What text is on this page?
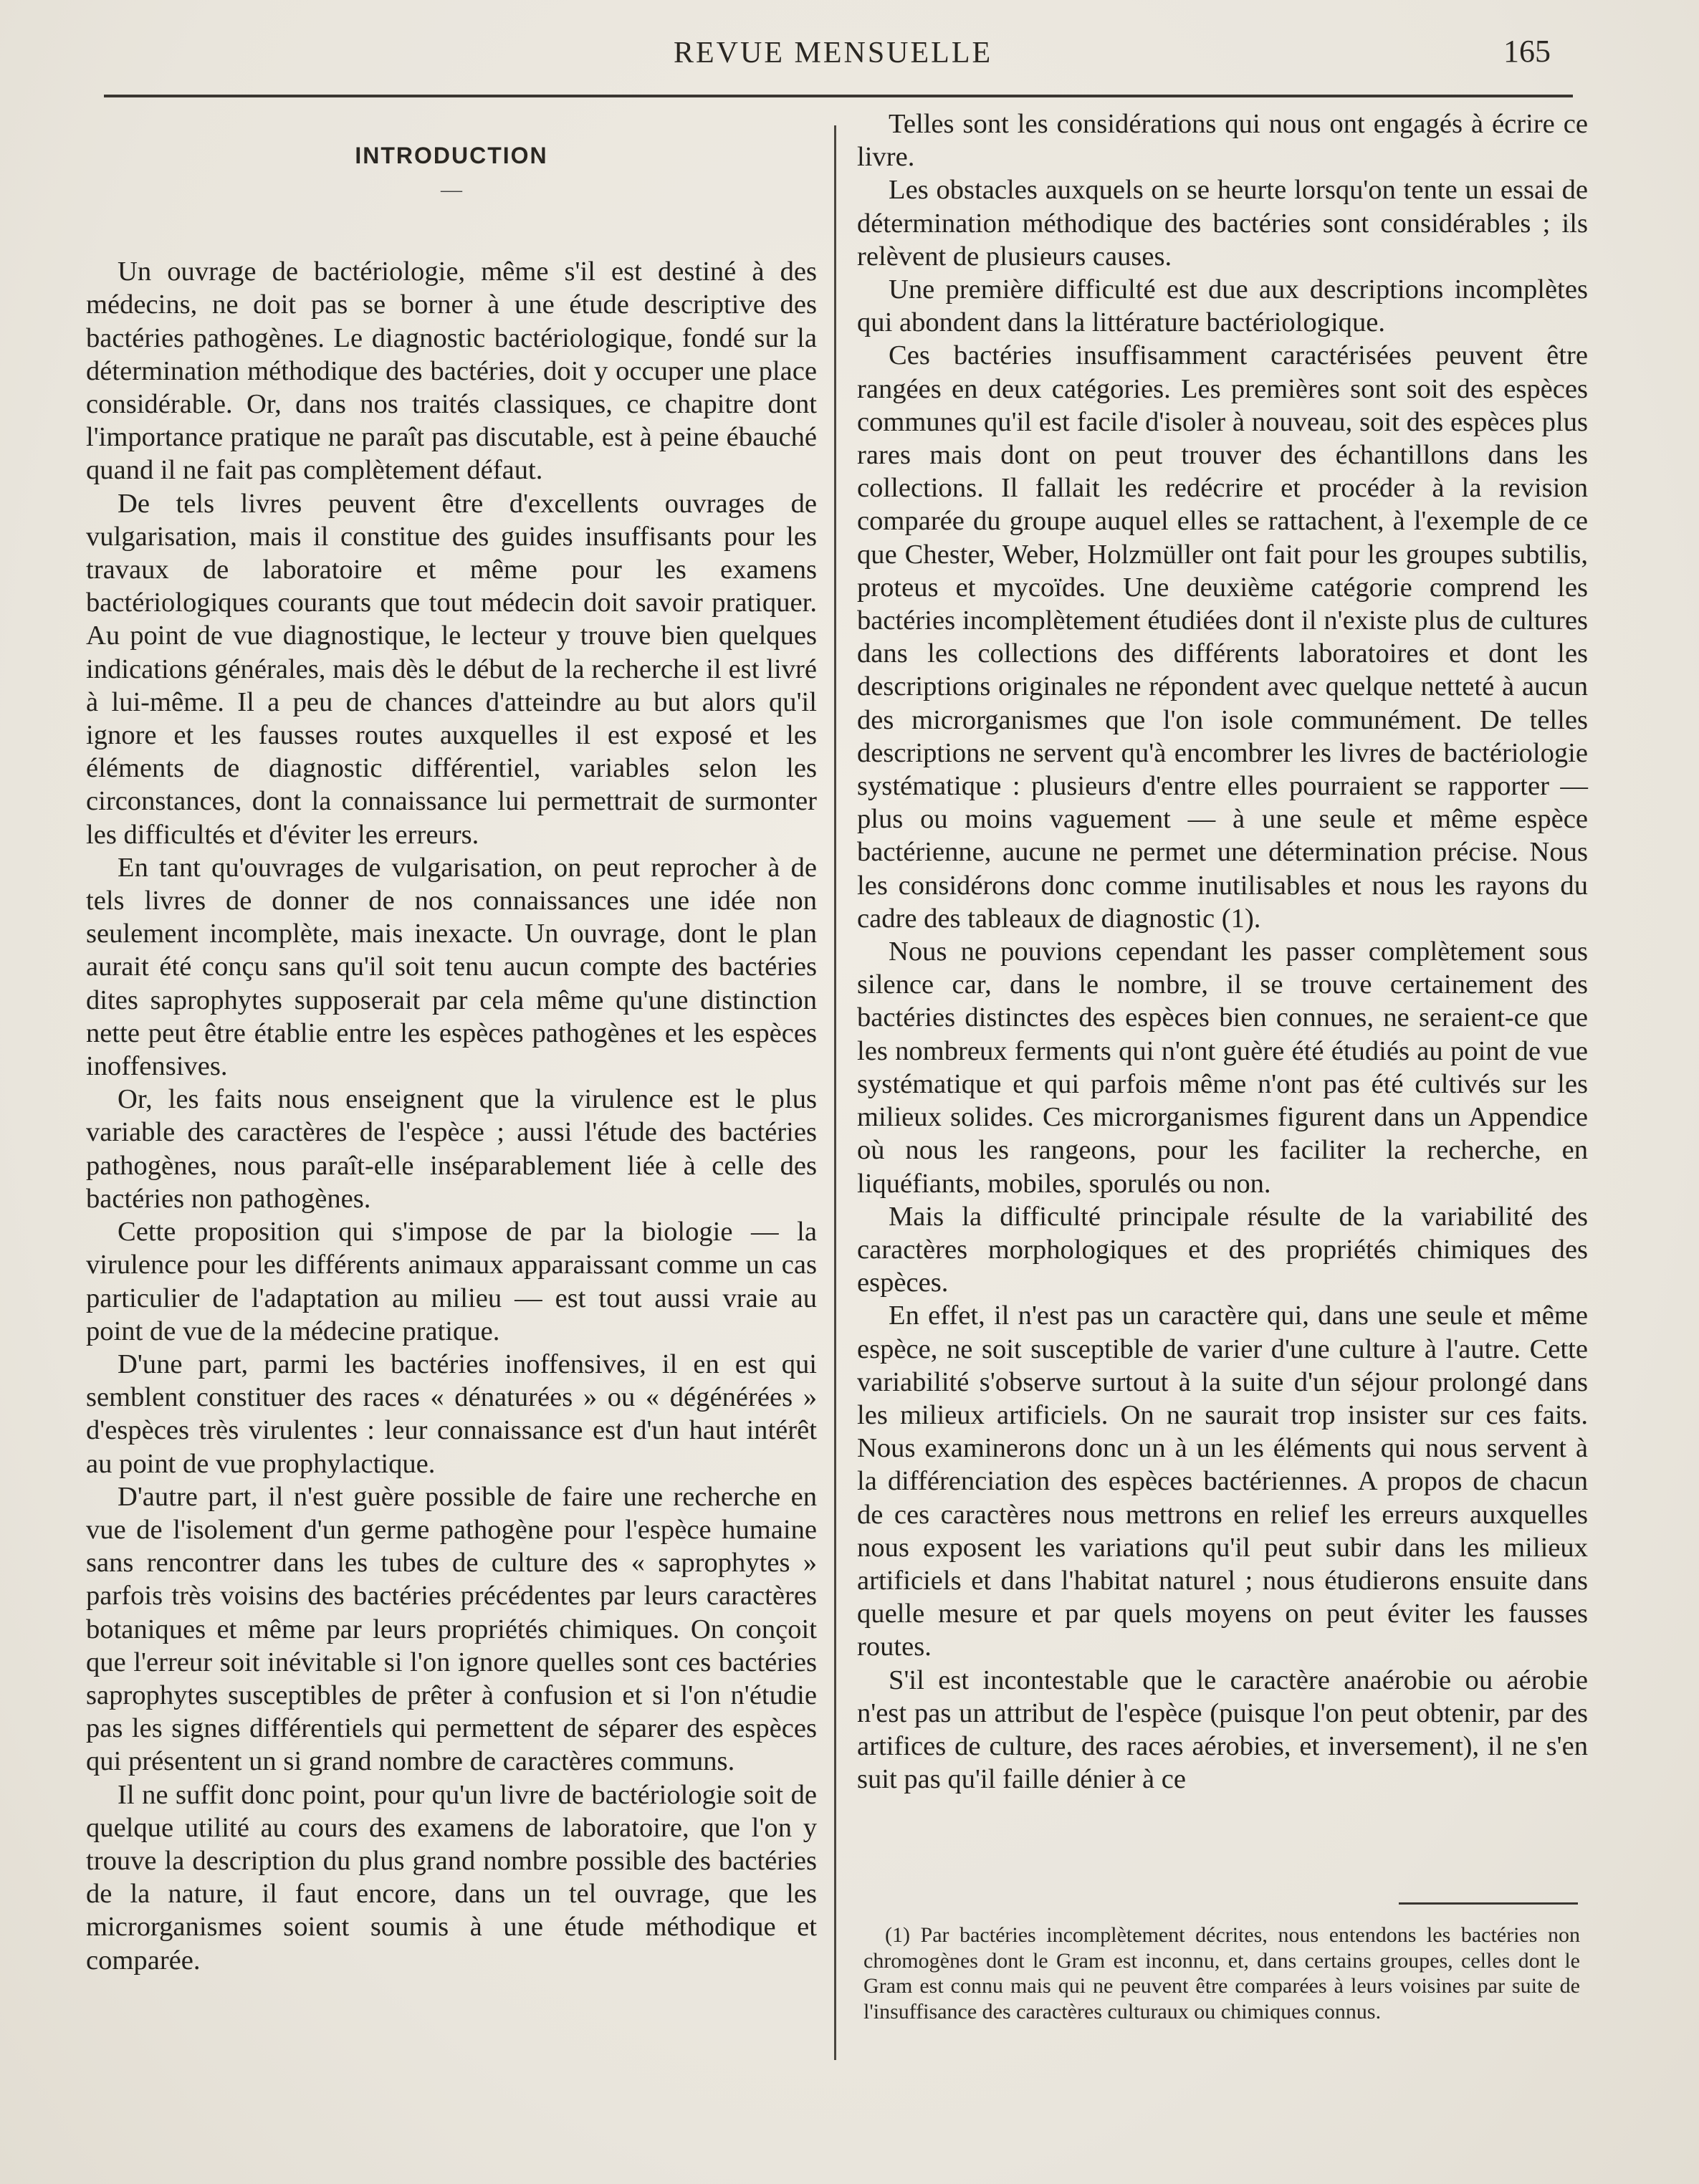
REVUE MENSUELLE	165
INTRODUCTION
—

Un ouvrage de bactériologie, même s'il est destiné à des médecins, ne doit pas se borner à une étude descriptive des bactéries pathogènes. Le diagnostic bactériologique, fondé sur la détermination méthodique des bactéries, doit y occuper une place considérable. Or, dans nos traités classiques, ce chapitre dont l'importance pratique ne paraît pas discutable, est à peine ébauché quand il ne fait pas complètement défaut.

De tels livres peuvent être d'excellents ouvrages de vulgarisation, mais il constitue des guides insuffisants pour les travaux de laboratoire et même pour les examens bactériologiques courants que tout médecin doit savoir pratiquer. Au point de vue diagnostique, le lecteur y trouve bien quelques indications générales, mais dès le début de la recherche il est livré à lui-même. Il a peu de chances d'atteindre au but alors qu'il ignore et les fausses routes auxquelles il est exposé et les éléments de diagnostic différentiel, variables selon les circonstances, dont la connaissance lui permettrait de surmonter les difficultés et d'éviter les erreurs.

En tant qu'ouvrages de vulgarisation, on peut reprocher à de tels livres de donner de nos connaissances une idée non seulement incomplète, mais inexacte. Un ouvrage, dont le plan aurait été conçu sans qu'il soit tenu aucun compte des bactéries dites saprophytes supposerait par cela même qu'une distinction nette peut être établie entre les espèces pathogènes et les espèces inoffensives.

Or, les faits nous enseignent que la virulence est le plus variable des caractères de l'espèce ; aussi l'étude des bactéries pathogènes, nous paraît-elle inséparablement liée à celle des bactéries non pathogènes.

Cette proposition qui s'impose de par la biologie — la virulence pour les différents animaux apparaissant comme un cas particulier de l'adaptation au milieu — est tout aussi vraie au point de vue de la médecine pratique.

D'une part, parmi les bactéries inoffensives, il en est qui semblent constituer des races « dénaturées » ou « dégénérées » d'espèces très virulentes : leur connaissance est d'un haut intérêt au point de vue prophylactique.

D'autre part, il n'est guère possible de faire une recherche en vue de l'isolement d'un germe pathogène pour l'espèce humaine sans rencontrer dans les tubes de culture des « saprophytes » parfois très voisins des bactéries précédentes par leurs caractères botaniques et même par leurs propriétés chimiques. On conçoit que l'erreur soit inévitable si l'on ignore quelles sont ces bactéries saprophytes susceptibles de prêter à confusion et si l'on n'étudie pas les signes différentiels qui permettent de séparer des espèces qui présentent un si grand nombre de caractères communs.

Il ne suffit donc point, pour qu'un livre de bactériologie soit de quelque utilité au cours des examens de laboratoire, que l'on y trouve la description du plus grand nombre possible des bactéries de la nature, il faut encore, dans un tel ouvrage, que les microrganismes soient soumis à une étude méthodique et comparée.

Telles sont les considérations qui nous ont engagés à écrire ce livre.

Les obstacles auxquels on se heurte lorsqu'on tente un essai de détermination méthodique des bactéries sont considérables ; ils relèvent de plusieurs causes.

Une première difficulté est due aux descriptions incomplètes qui abondent dans la littérature bactériologique.

Ces bactéries insuffisamment caractérisées peuvent être rangées en deux catégories. Les premières sont soit des espèces communes qu'il est facile d'isoler à nouveau, soit des espèces plus rares mais dont on peut trouver des échantillons dans les collections. Il fallait les redécrire et procéder à la revision comparée du groupe auquel elles se rattachent, à l'exemple de ce que Chester, Weber, Holzmüller ont fait pour les groupes subtilis, proteus et mycoïdes. Une deuxième catégorie comprend les bactéries incomplètement étudiées dont il n'existe plus de cultures dans les collections des différents laboratoires et dont les descriptions originales ne répondent avec quelque netteté à aucun des microrganismes que l'on isole communément. De telles descriptions ne servent qu'à encombrer les livres de bactériologie systématique : plusieurs d'entre elles pourraient se rapporter — plus ou moins vaguement — à une seule et même espèce bactérienne, aucune ne permet une détermination précise. Nous les considérons donc comme inutilisables et nous les rayons du cadre des tableaux de diagnostic (1).

Nous ne pouvions cependant les passer complètement sous silence car, dans le nombre, il se trouve certainement des bactéries distinctes des espèces bien connues, ne seraient-ce que les nombreux ferments qui n'ont guère été étudiés au point de vue systématique et qui parfois même n'ont pas été cultivés sur les milieux solides. Ces microrganismes figurent dans un Appendice où nous les rangeons, pour les faciliter la recherche, en liquéfiants, mobiles, sporulés ou non.

Mais la difficulté principale résulte de la variabilité des caractères morphologiques et des propriétés chimiques des espèces.

En effet, il n'est pas un caractère qui, dans une seule et même espèce, ne soit susceptible de varier d'une culture à l'autre. Cette variabilité s'observe surtout à la suite d'un séjour prolongé dans les milieux artificiels. On ne saurait trop insister sur ces faits. Nous examinerons donc un à un les éléments qui nous servent à la différenciation des espèces bactériennes. A propos de chacun de ces caractères nous mettrons en relief les erreurs auxquelles nous exposent les variations qu'il peut subir dans les milieux artificiels et dans l'habitat naturel ; nous étudierons ensuite dans quelle mesure et par quels moyens on peut éviter les fausses routes.

S'il est incontestable que le caractère anaérobie ou aérobie n'est pas un attribut de l'espèce (puisque l'on peut obtenir, par des artifices de culture, des races aérobies, et inversement), il ne s'en suit pas qu'il faille dénier à ce

(1) Par bactéries incomplètement décrites, nous entendons les bactéries non chromogènes dont le Gram est inconnu, et, dans certains groupes, celles dont le Gram est connu mais qui ne peuvent être comparées à leurs voisines par suite de l'insuffisance des caractères culturaux ou chimiques connus.
